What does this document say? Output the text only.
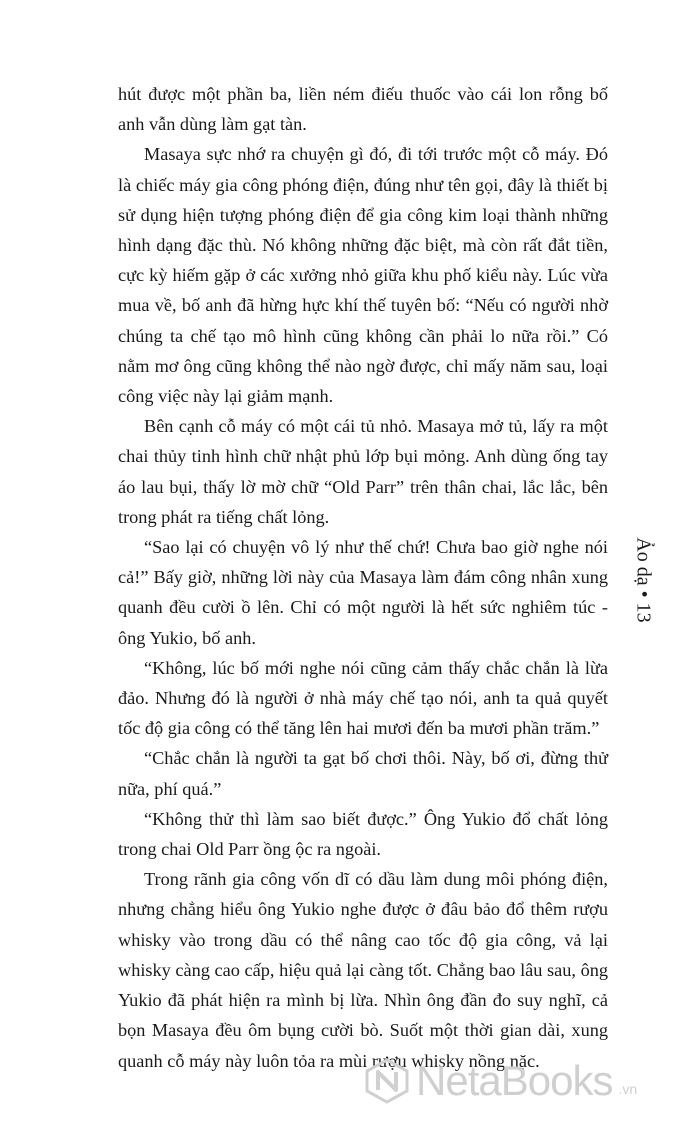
hút được một phần ba, liền ném điếu thuốc vào cái lon rỗng bố anh vẫn dùng làm gạt tàn.

Masaya sực nhớ ra chuyện gì đó, đi tới trước một cỗ máy. Đó là chiếc máy gia công phóng điện, đúng như tên gọi, đây là thiết bị sử dụng hiện tượng phóng điện để gia công kim loại thành những hình dạng đặc thù. Nó không những đặc biệt, mà còn rất đắt tiền, cực kỳ hiếm gặp ở các xưởng nhỏ giữa khu phố kiểu này. Lúc vừa mua về, bố anh đã hừng hực khí thế tuyên bố: “Nếu có người nhờ chúng ta chế tạo mô hình cũng không cần phải lo nữa rồi.” Có nằm mơ ông cũng không thể nào ngờ được, chỉ mấy năm sau, loại công việc này lại giảm mạnh.

Bên cạnh cỗ máy có một cái tủ nhỏ. Masaya mở tủ, lấy ra một chai thủy tinh hình chữ nhật phủ lớp bụi mỏng. Anh dùng ống tay áo lau bụi, thấy lờ mờ chữ “Old Parr” trên thân chai, lắc lắc, bên trong phát ra tiếng chất lỏng.

“Sao lại có chuyện vô lý như thế chứ! Chưa bao giờ nghe nói cả!” Bấy giờ, những lời này của Masaya làm đám công nhân xung quanh đều cười ồ lên. Chỉ có một người là hết sức nghiêm túc - ông Yukio, bố anh.

“Không, lúc bố mới nghe nói cũng cảm thấy chắc chắn là lừa đảo. Nhưng đó là người ở nhà máy chế tạo nói, anh ta quả quyết tốc độ gia công có thể tăng lên hai mươi đến ba mươi phần trăm.”

“Chắc chắn là người ta gạt bố chơi thôi. Này, bố ơi, đừng thử nữa, phí quá.”

“Không thử thì làm sao biết được.” Ông Yukio đổ chất lỏng trong chai Old Parr ồng ộc ra ngoài.

Trong rãnh gia công vốn dĩ có dầu làm dung môi phóng điện, nhưng chẳng hiểu ông Yukio nghe được ở đâu bảo đổ thêm rượu whisky vào trong dầu có thể nâng cao tốc độ gia công, vả lại whisky càng cao cấp, hiệu quả lại càng tốt. Chẳng bao lâu sau, ông Yukio đã phát hiện ra mình bị lừa. Nhìn ông đần đo suy nghĩ, cả bọn Masaya đều ôm bụng cười bò. Suốt một thời gian dài, xung quanh cỗ máy này luôn tỏa ra mùi rượu whisky nồng nặc.

Ảo dạ • 13
NetaBooks .vn
